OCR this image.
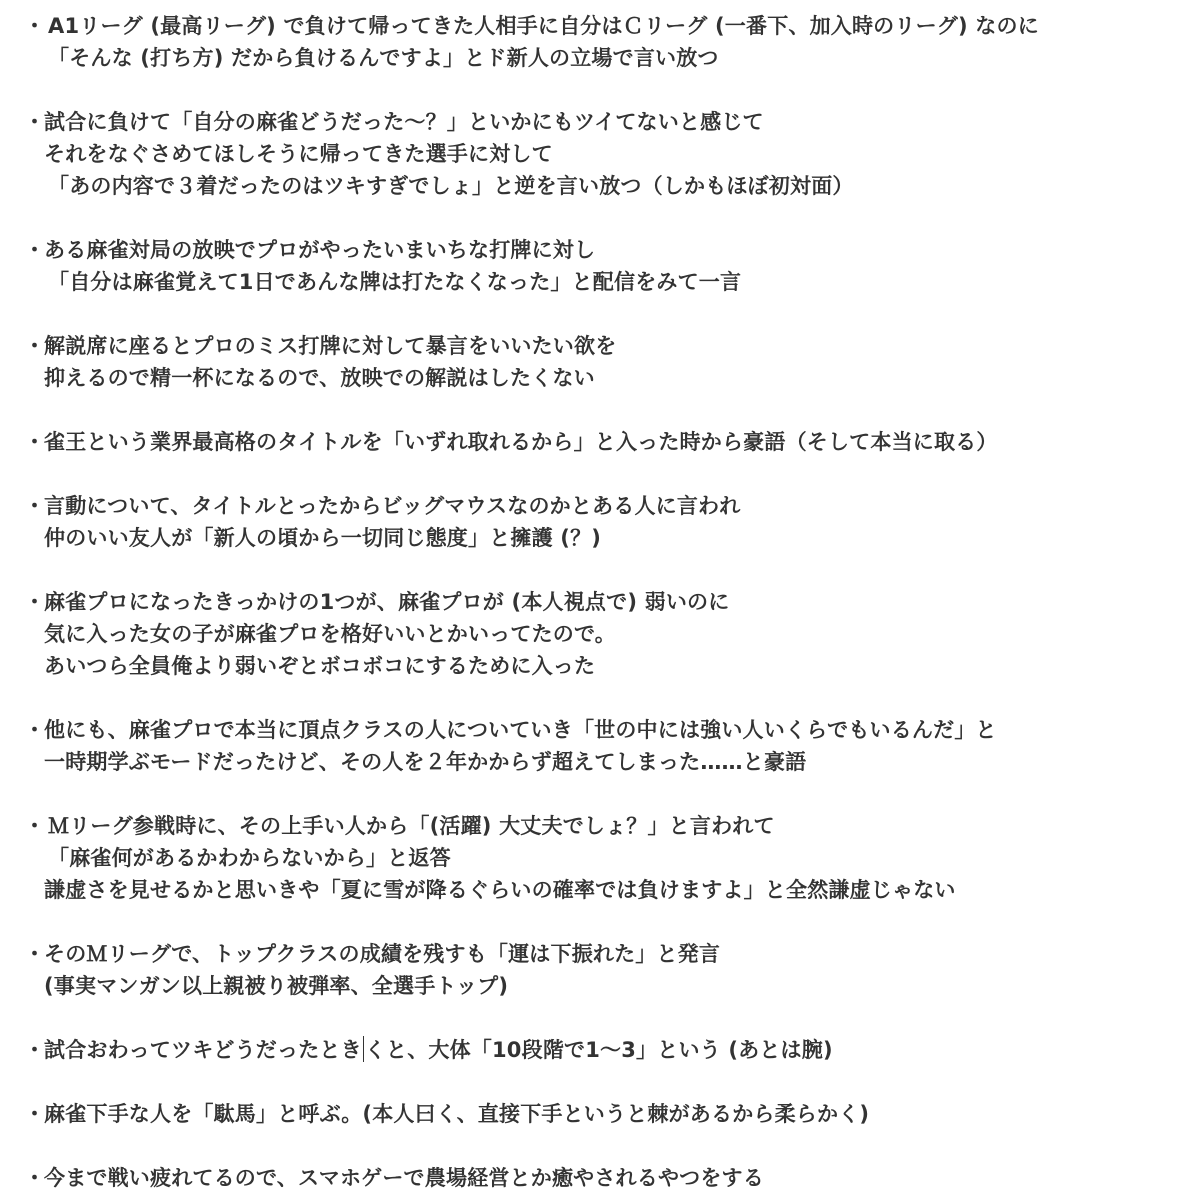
・ A1リーグ (最高リーグ) で負けて帰ってきた人相手に自分はＣリーグ (一番下、加入時のリーグ) なのに
「そんな (打ち方) だから負けるんですよ」とド新人の立場で言い放つ
・ 試合に負けて「自分の麻雀どうだった〜？」といかにもツイてないと感じて
それをなぐさめてほしそうに帰ってきた選手に対して
「あの内容で３着だったのはツキすぎでしょ」と逆を言い放つ（しかもほぼ初対面）
・ ある麻雀対局の放映でプロがやったいまいちな打牌に対し
「自分は麻雀覚えて1日であんな牌は打たなくなった」と配信をみて一言
・ 解説席に座るとプロのミス打牌に対して暴言をいいたい欲を
抑えるので精一杯になるので、放映での解説はしたくない
・ 雀王という業界最高格のタイトルを「いずれ取れるから」と入った時から豪語（そして本当に取る）
・ 言動について、タイトルとったからビッグマウスなのかとある人に言われ
仲のいい友人が「新人の頃から一切同じ態度」と擁護 (？)
・ 麻雀プロになったきっかけの1つが、麻雀プロが (本人視点で) 弱いのに
気に入った女の子が麻雀プロを格好いいとかいってたので。
あいつら全員俺より弱いぞとボコボコにするために入った
・ 他にも、麻雀プロで本当に頂点クラスの人についていき「世の中には強い人いくらでもいるんだ」と
一時期学ぶモードだったけど、その人を２年かからず超えてしまった……と豪語
・ Ｍリーグ参戦時に、その上手い人から「(活躍) 大丈夫でしょ？」と言われて
「麻雀何があるかわからないから」と返答
謙虚さを見せるかと思いきや「夏に雪が降るぐらいの確率では負けますよ」と全然謙虚じゃない
・ そのＭリーグで、トップクラスの成績を残すも「運は下振れた」と発言
(事実マンガン以上親被り被弾率、全選手トップ)
・ 試合おわってツキどうだったとき くと、大体「10段階で1〜3」という (あとは腕)
・ 麻雀下手な人を「駄馬」と呼ぶ。(本人曰く、直接下手というと棘があるから柔らかく)
・ 今まで戦い疲れてるので、スマホゲーで農場経営とか癒やされるやつをする
